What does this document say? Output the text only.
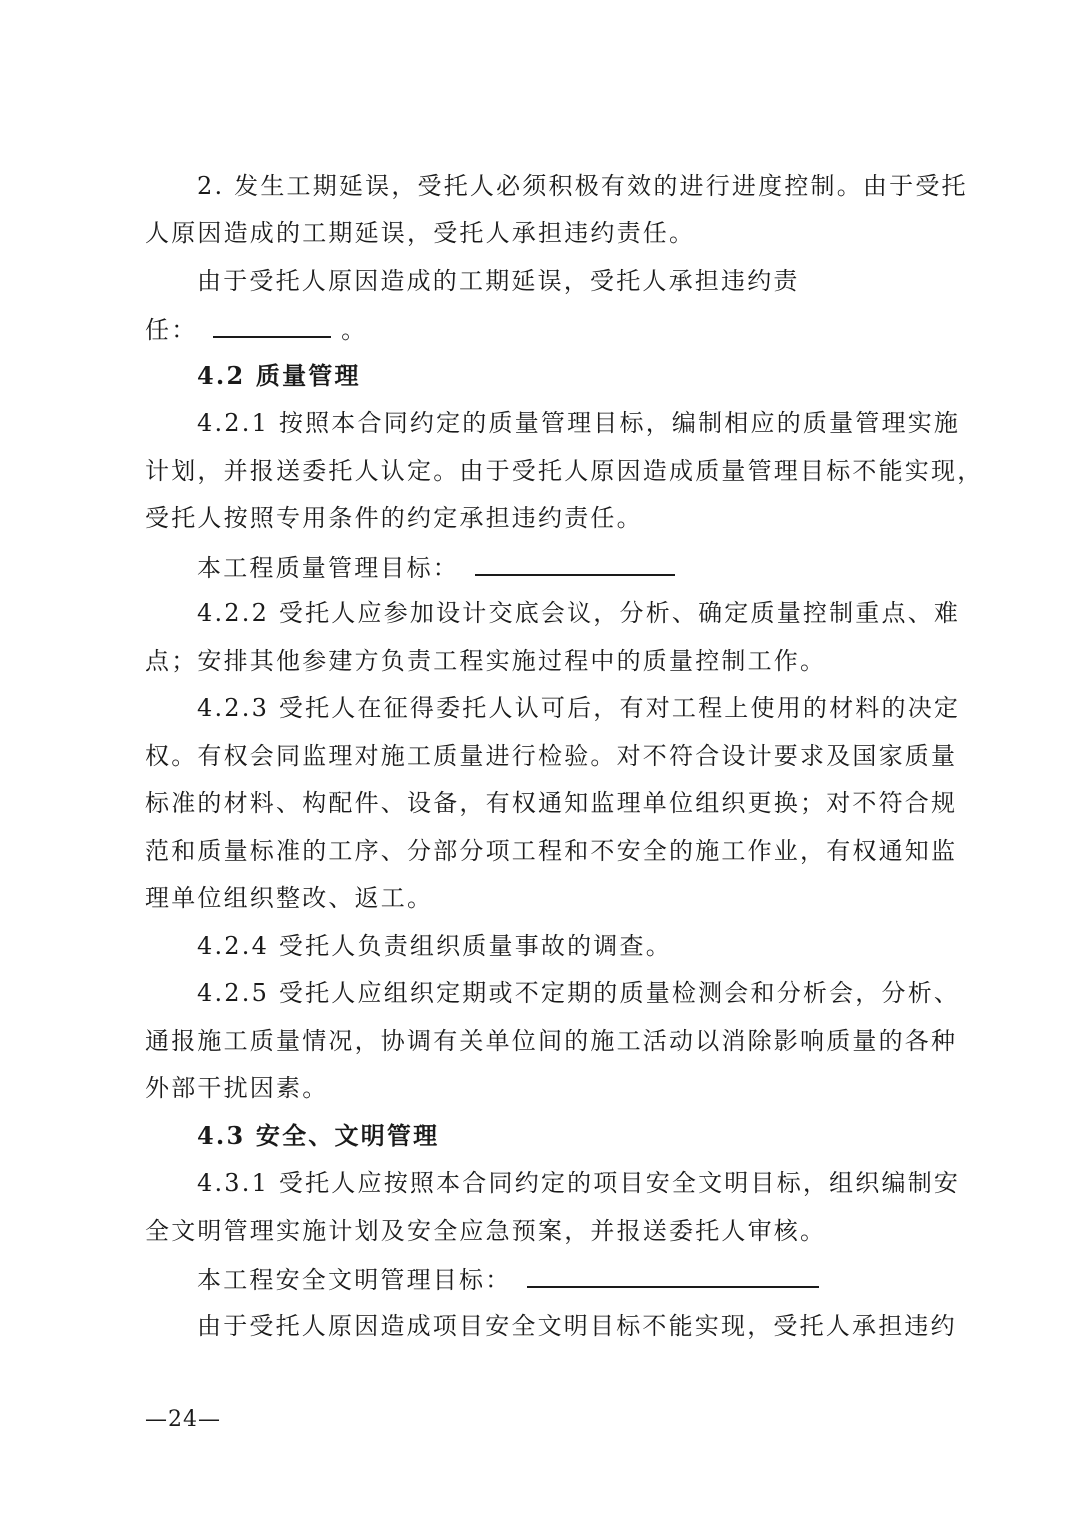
2. 发生工期延误，受托人必须积极有效的进行进度控制。由于受托
人原因造成的工期延误，受托人承担违约责任。
由于受托人原因造成的工期延误，受托人承担违约责
任：	。
4.2 质量管理
4.2.1 按照本合同约定的质量管理目标，编制相应的质量管理实施
计划，并报送委托人认定。由于受托人原因造成质量管理目标不能实现，
受托人按照专用条件的约定承担违约责任。
本工程质量管理目标：
4.2.2 受托人应参加设计交底会议，分析、确定质量控制重点、难
点；安排其他参建方负责工程实施过程中的质量控制工作。
4.2.3 受托人在征得委托人认可后，有对工程上使用的材料的决定
权。有权会同监理对施工质量进行检验。对不符合设计要求及国家质量
标准的材料、构配件、设备，有权通知监理单位组织更换；对不符合规
范和质量标准的工序、分部分项工程和不安全的施工作业，有权通知监
理单位组织整改、返工。
4.2.4 受托人负责组织质量事故的调查。
4.2.5 受托人应组织定期或不定期的质量检测会和分析会，分析、
通报施工质量情况，协调有关单位间的施工活动以消除影响质量的各种
外部干扰因素。
4.3 安全、文明管理
4.3.1 受托人应按照本合同约定的项目安全文明目标，组织编制安
全文明管理实施计划及安全应急预案，并报送委托人审核。
本工程安全文明管理目标：
由于受托人原因造成项目安全文明目标不能实现，受托人承担违约
—24—
